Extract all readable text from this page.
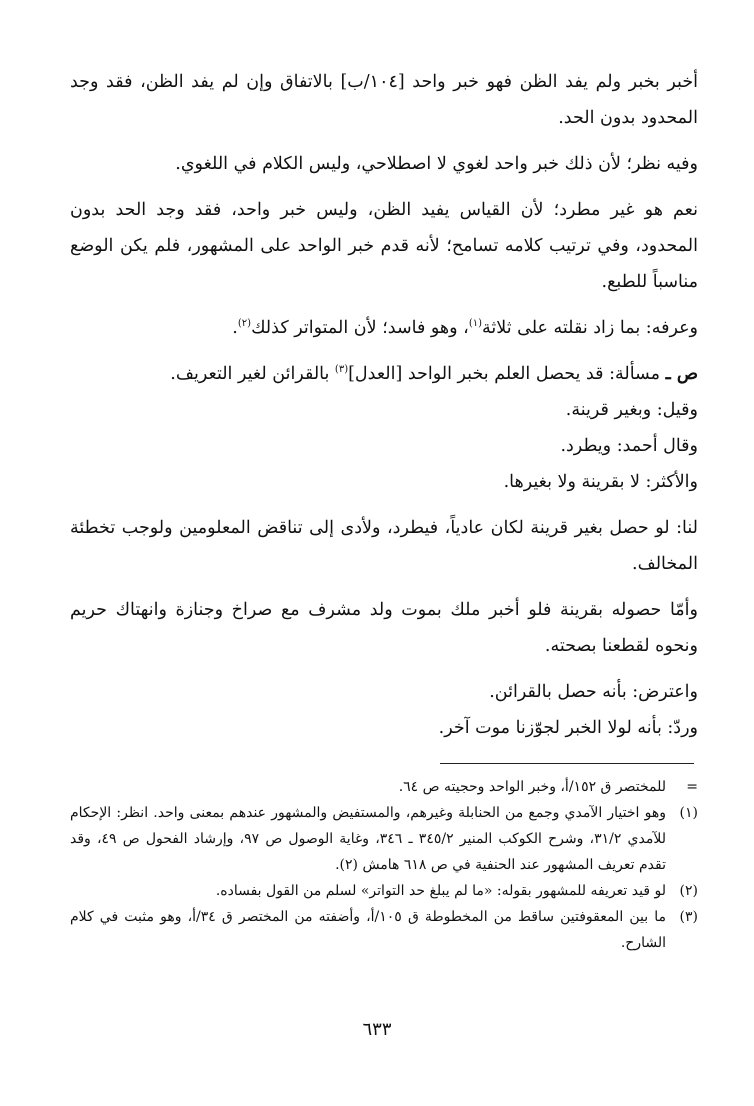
أخبر بخبر ولم يفد الظن فهو خبر واحد [١٠٤/ب] بالاتفاق وإن لم يفد الظن، فقد وجد المحدود بدون الحد.

وفيه نظر؛ لأن ذلك خبر واحد لغوي لا اصطلاحي، وليس الكلام في اللغوي.

نعم هو غير مطرد؛ لأن القياس يفيد الظن، وليس خبر واحد، فقد وجد الحد بدون المحدود، وفي ترتيب كلامه تسامح؛ لأنه قدم خبر الواحد على المشهور، فلم يكن الوضع مناسباً للطبع.

وعرفه: بما زاد نقلته على ثلاثة$^{(١)}$، وهو فاسد؛ لأن المتواتر كذلك$^{(٢)}$.

ص ـ مسألة: قد يحصل العلم بخبر الواحد [العدل]$^{(٣)}$ بالقرائن لغير التعريف.

وقيل: وبغير قرينة.

وقال أحمد: ويطرد.

والأكثر: لا بقرينة ولا بغيرها.

لنا: لو حصل بغير قرينة لكان عادياً، فيطرد، ولأدى إلى تناقض المعلومين ولوجب تخطئة المخالف.

وأمّا حصوله بقرينة فلو أخبر ملك بموت ولد مشرف مع صراخ وجنازة وانهتاك حريم ونحوه لقطعنا بصحته.

واعترض: بأنه حصل بالقرائن.

وردّ: بأنه لولا الخبر لجوّزنا موت آخر.

=
للمختصر ق ١٥٢/أ، وخبر الواحد وحجيته ص ٦٤.
(١)
وهو اختيار الآمدي وجمع من الحنابلة وغيرهم، والمستفيض والمشهور عندهم بمعنى واحد. انظر: الإحكام للآمدي ٣١/٢، وشرح الكوكب المنير ٣٤٥/٢ ـ ٣٤٦، وغاية الوصول ص ٩٧، وإرشاد الفحول ص ٤٩، وقد تقدم تعريف المشهور عند الحنفية في ص ٦١٨ هامش (٢).
(٢)
لو قيد تعريفه للمشهور بقوله: «ما لم يبلغ حد التواتر» لسلم من القول بفساده.
(٣)
ما بين المعقوفتين ساقط من المخطوطة ق ١٠٥/أ، وأضفته من المختصر ق ٣٤/أ، وهو مثبت في كلام الشارح.
٦٣٣
